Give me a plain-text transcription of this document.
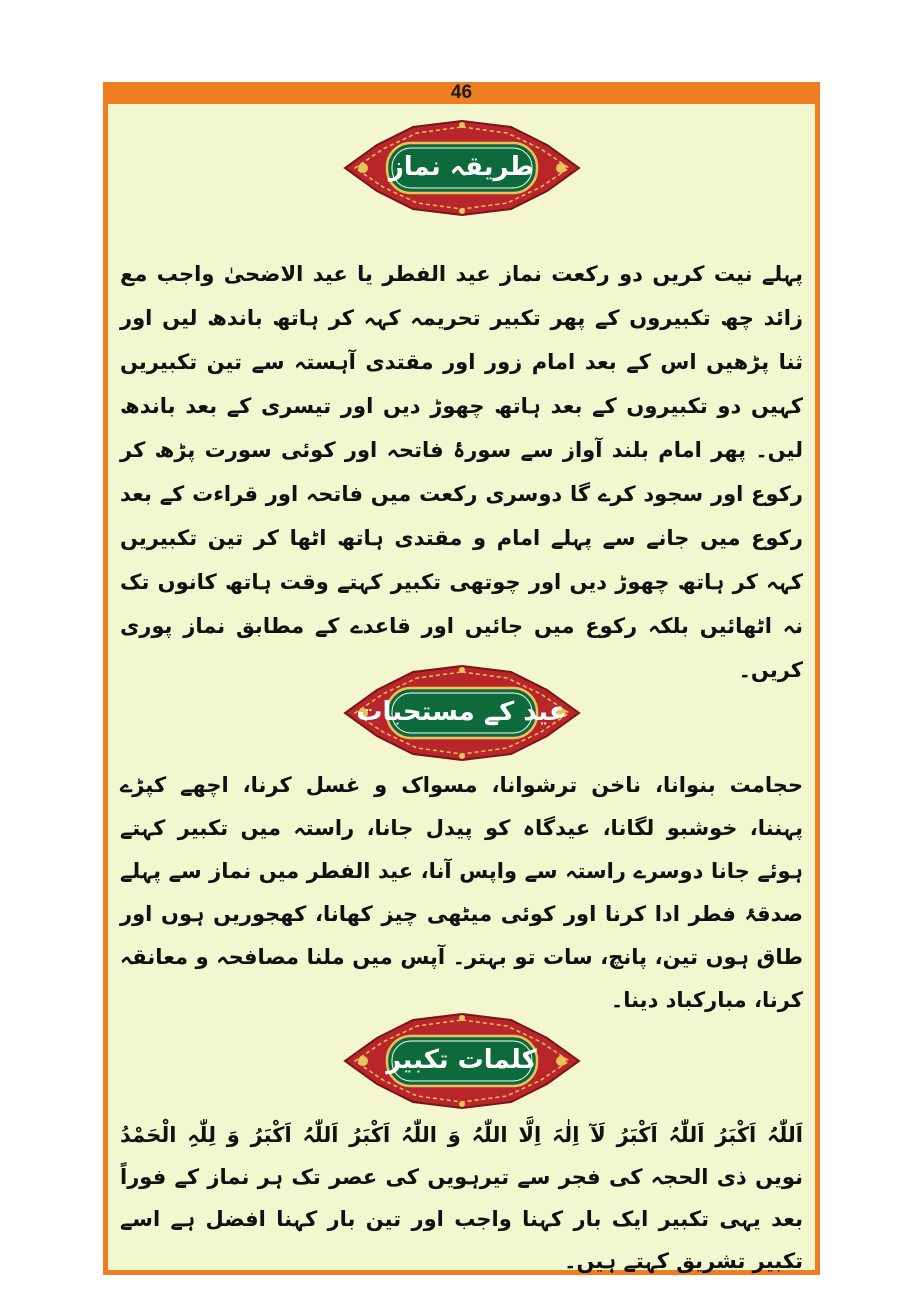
46
طریقہ نماز

پہلے نیت کریں دو رکعت نماز عید الفطر یا عید الاضحیٰ واجب مع زائد چھ تکبیروں کے پھر تکبیر تحریمہ کہہ کر ہاتھ باندھ لیں اور ثنا پڑھیں اس کے بعد امام زور اور مقتدی آہستہ سے تین تکبیریں کہیں دو تکبیروں کے بعد ہاتھ چھوڑ دیں اور تیسری کے بعد باندھ لیں۔ پھر امام بلند آواز سے سورۂ فاتحہ اور کوئی سورت پڑھ کر رکوع اور سجود کرے گا دوسری رکعت میں فاتحہ اور قراءت کے بعد رکوع میں جانے سے پہلے امام و مقتدی ہاتھ اٹھا کر تین تکبیریں کہہ کر ہاتھ چھوڑ دیں اور چوتھی تکبیر کہتے وقت ہاتھ کانوں تک نہ اٹھائیں بلکہ رکوع میں جائیں اور قاعدے کے مطابق نماز پوری کریں۔

عید کے مستحبات

حجامت بنوانا، ناخن ترشوانا، مسواک و غسل کرنا، اچھے کپڑے پہننا، خوشبو لگانا، عیدگاہ کو پیدل جانا، راستہ میں تکبیر کہتے ہوئے جانا دوسرے راستہ سے واپس آنا، عید الفطر میں نماز سے پہلے صدقۂ فطر ادا کرنا اور کوئی میٹھی چیز کھانا، کھجوریں ہوں اور طاق ہوں تین، پانچ، سات تو بہتر۔ آپس میں ملنا مصافحہ و معانقہ کرنا، مبارکباد دینا۔

کلمات تکبیر

اَللّٰہُ اَکْبَرُ اَللّٰہُ اَکْبَرُ لَآ اِلٰہَ اِلَّا اللّٰہُ وَ اللّٰہُ اَکْبَرُ اَللّٰہُ اَکْبَرُ وَ لِلّٰہِ الْحَمْدُ نویں ذی الحجہ کی فجر سے تیرہویں کی عصر تک ہر نماز کے فوراً بعد یہی تکبیر ایک بار کہنا واجب اور تین بار کہنا افضل ہے اسے تکبیر تشریق کہتے ہیں۔
